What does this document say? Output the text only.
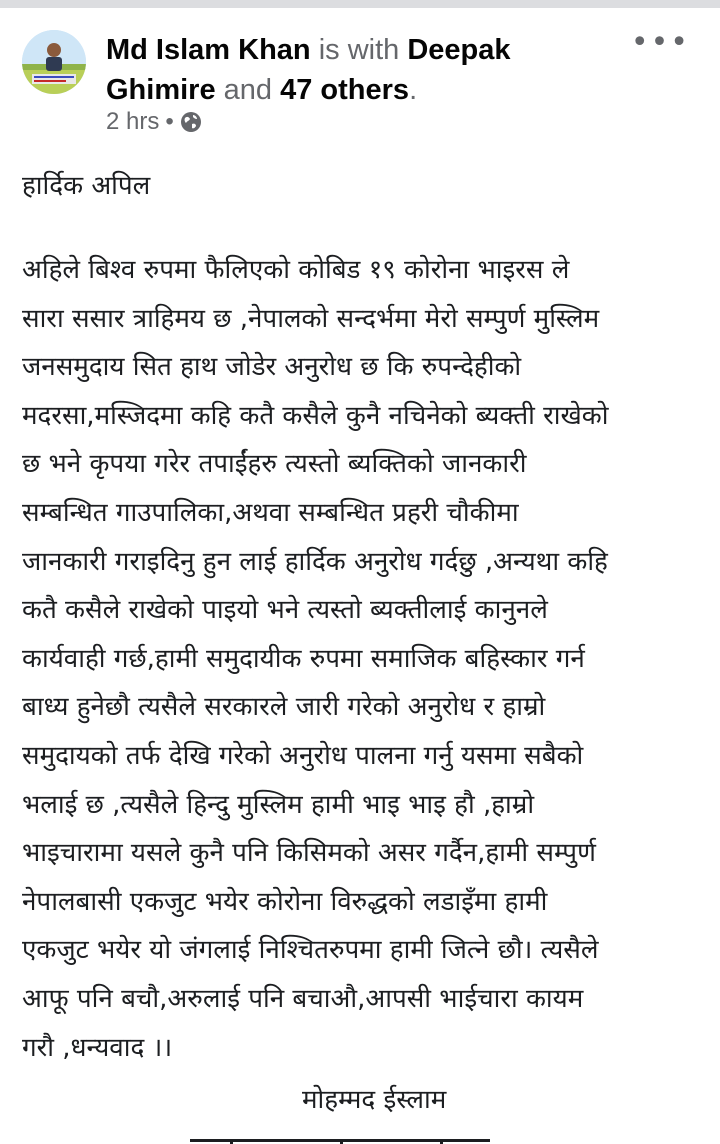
Md Islam Khan is with Deepak Ghimire and 47 others.
2 hrs •
•••

हार्दिक अपिल

अहिले बिश्व रुपमा फैलिएको कोबिड १९ कोरोना भाइरस ले
सारा ससार त्राहिमय छ ,नेपालको सन्दर्भमा मेरो सम्पुर्ण मुस्लिम
जनसमुदाय सित हाथ जोडेर अनुरोध छ कि रुपन्देहीको
मदरसा,मस्जिदमा कहि कतै कसैले कुनै नचिनेको ब्यक्ती राखेको
छ भने कृपया गरेर तपाईंहरु त्यस्तो ब्यक्तिको जानकारी
सम्बन्धित गाउपालिका,अथवा सम्बन्धित प्रहरी चौकीमा
जानकारी गराइदिनु हुन लाई हार्दिक अनुरोध गर्दछु ,अन्यथा कहि
कतै कसैले राखेको पाइयो भने त्यस्तो ब्यक्तीलाई कानुनले
कार्यवाही गर्छ,हामी समुदायीक रुपमा समाजिक बहिस्कार गर्न
बाध्य हुनेछौ त्यसैले सरकारले जारी गरेको अनुरोध र हाम्रो
समुदायको तर्फ देखि गरेको अनुरोध पालना गर्नु यसमा सबैको
भलाई छ ,त्यसैले हिन्दु मुस्लिम हामी भाइ भाइ हौ ,हाम्रो
भाइचारामा यसले कुनै पनि किसिमको असर गर्दैन,हामी सम्पुर्ण
नेपालबासी एकजुट भयेर कोरोना विरुद्धको लडाइँमा हामी
एकजुट भयेर यो जंगलाई निश्चितरुपमा हामी जित्ने छौ। त्यसैले
आफू पनि बचौ,अरुलाई पनि बचाऔ,आपसी भाईचारा कायम
गरौ ,धन्यवाद ।।

मोहम्मद ईस्लाम
